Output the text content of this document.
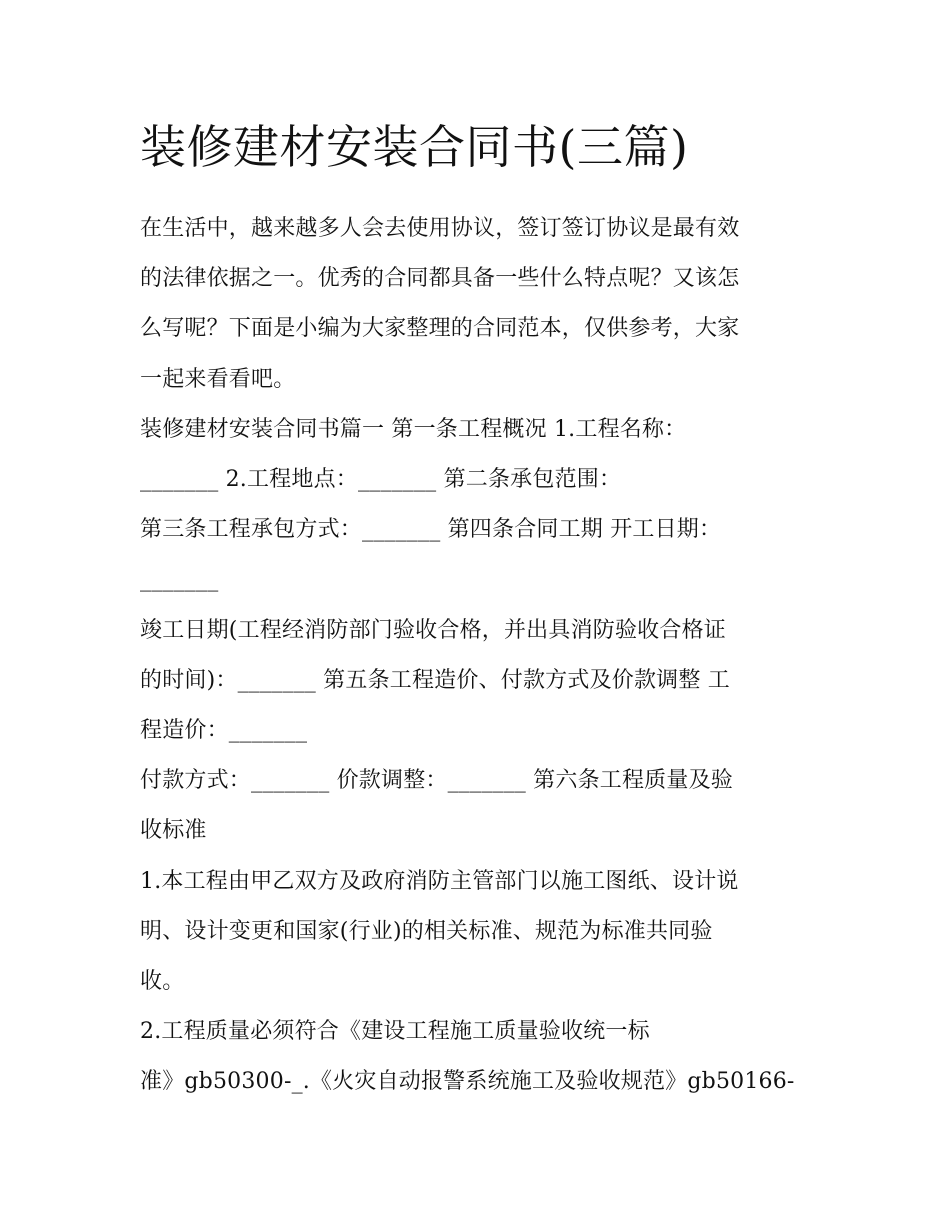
装修建材安装合同书(三篇)

在生活中，越来越多人会去使用协议，签订签订协议是最有效
的法律依据之一。优秀的合同都具备一些什么特点呢？又该怎
么写呢？下面是小编为大家整理的合同范本，仅供参考，大家
一起来看看吧。

装修建材安装合同书篇一 第一条工程概况 1.工程名称：
_______ 2.工程地点：_______ 第二条承包范围：
第三条工程承包方式：_______ 第四条合同工期 开工日期：
_______

竣工日期(工程经消防部门验收合格，并出具消防验收合格证
的时间)：_______ 第五条工程造价、付款方式及价款调整 工
程造价：_______

付款方式：_______ 价款调整：_______ 第六条工程质量及验
收标准

1.本工程由甲乙双方及政府消防主管部门以施工图纸、设计说
明、设计变更和国家(行业)的相关标准、规范为标准共同验
收。

2.工程质量必须符合《建设工程施工质量验收统一标
准》gb50300-_.《火灾自动报警系统施工及验收规范》gb50166-
